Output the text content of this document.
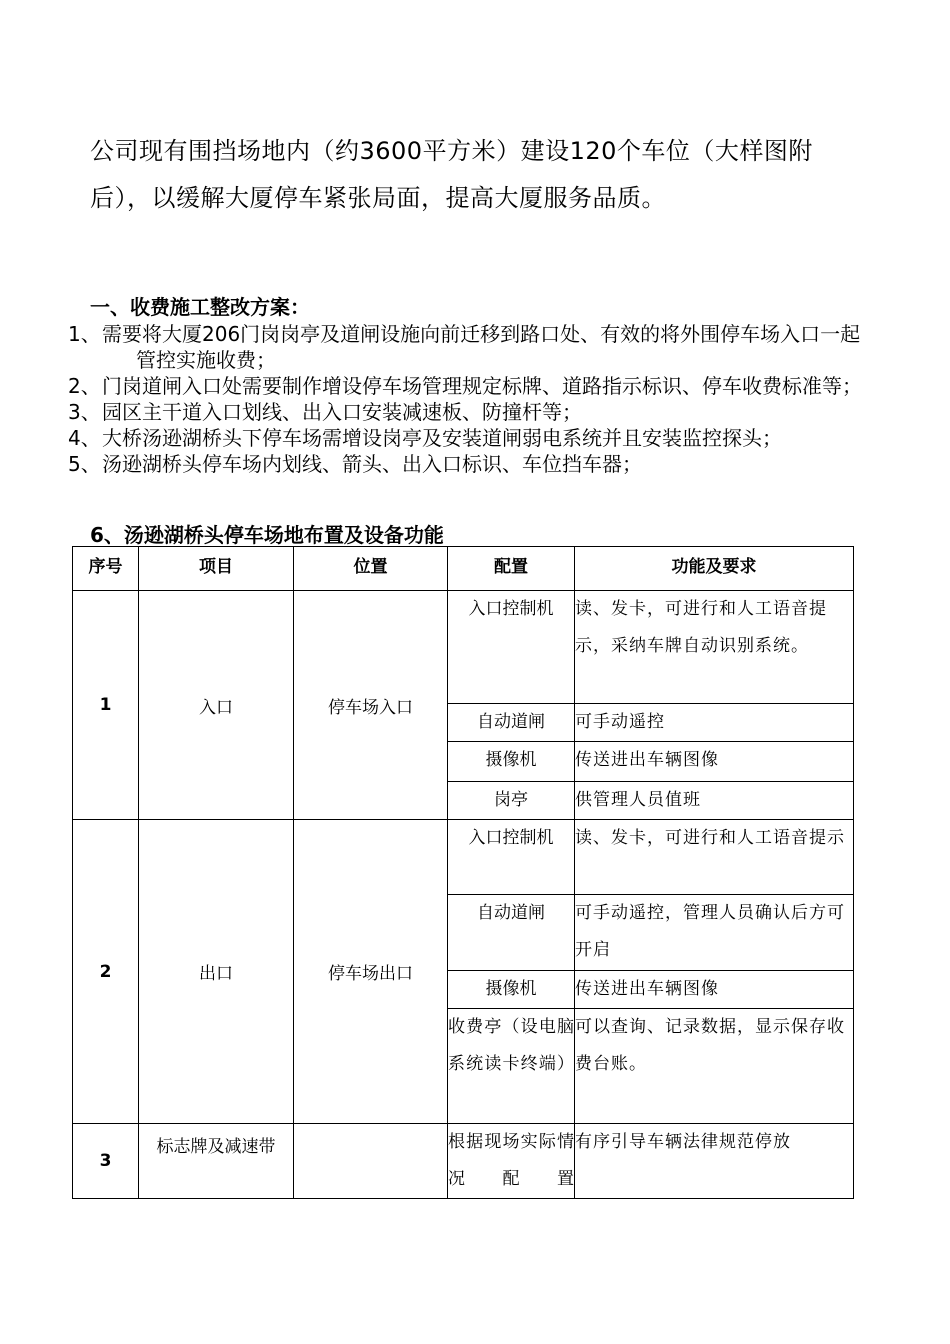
公司现有围挡场地内（约3600平方米）建设120个车位（大样图附后），以缓解大厦停车紧张局面，提高大厦服务品质。

一、收费施工整改方案：

1、需要将大厦206门岗岗亭及道闸设施向前迁移到路口处、有效的将外围停车场入口一起管控实施收费；
2、门岗道闸入口处需要制作增设停车场管理规定标牌、道路指示标识、停车收费标准等；
3、园区主干道入口划线、出入口安装减速板、防撞杆等；
4、大桥汤逊湖桥头下停车场需增设岗亭及安装道闸弱电系统并且安装监控探头；
5、汤逊湖桥头停车场内划线、箭头、出入口标识、车位挡车器；

6、汤逊湖桥头停车场地布置及设备功能

序号	项目	位置	配置	功能及要求
1	入口	停车场入口	入口控制机	读、发卡，可进行和人工语音提示，采纳车牌自动识别系统。
			自动道闸	可手动遥控
			摄像机	传送进出车辆图像
			岗亭	供管理人员值班
2	出口	停车场出口	入口控制机	读、发卡，可进行和人工语音提示
			自动道闸	可手动遥控，管理人员确认后方可开启
			摄像机	传送进出车辆图像
			收费亭（设电脑系统读卡终端）	可以查询、记录数据，显示保存收费台账。
3	标志牌及减速带		根据现场实际情况配置	有序引导车辆法律规范停放
